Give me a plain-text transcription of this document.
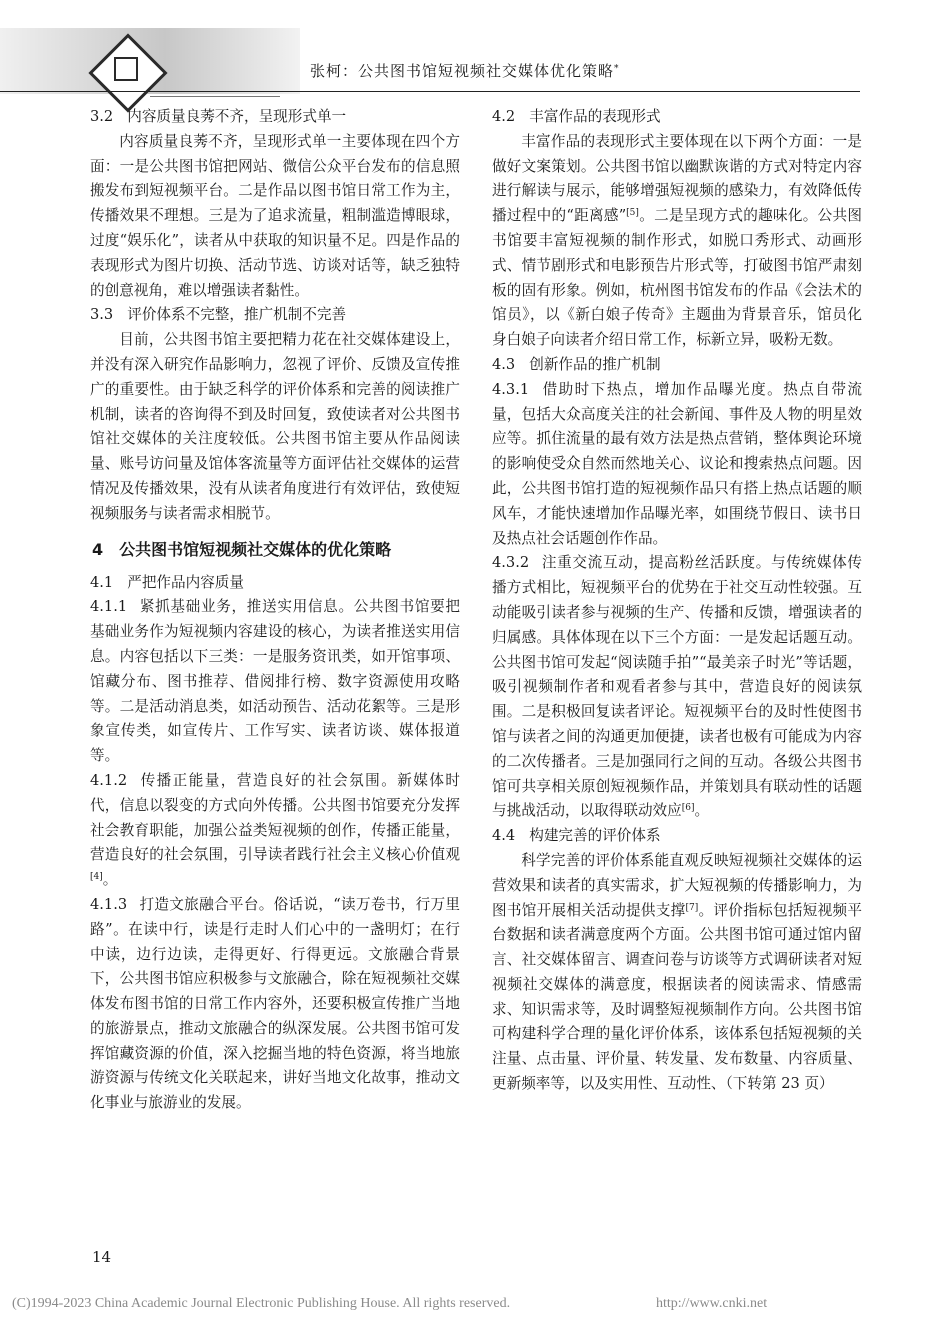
张柯：公共图书馆短视频社交媒体优化策略*
3.2 内容质量良莠不齐，呈现形式单一

内容质量良莠不齐，呈现形式单一主要体现在四个方面：一是公共图书馆把网站、微信公众平台发布的信息照搬发布到短视频平台。二是作品以图书馆日常工作为主，传播效果不理想。三是为了追求流量，粗制滥造博眼球，过度“娱乐化”，读者从中获取的知识量不足。四是作品的表现形式为图片切换、活动节选、访谈对话等，缺乏独特的创意视角，难以增强读者黏性。

3.3 评价体系不完整，推广机制不完善

目前，公共图书馆主要把精力花在社交媒体建设上，并没有深入研究作品影响力，忽视了评价、反馈及宣传推广的重要性。由于缺乏科学的评价体系和完善的阅读推广机制，读者的咨询得不到及时回复，致使读者对公共图书馆社交媒体的关注度较低。公共图书馆主要从作品阅读量、账号访问量及馆体客流量等方面评估社交媒体的运营情况及传播效果，没有从读者角度进行有效评估，致使短视频服务与读者需求相脱节。

4 公共图书馆短视频社交媒体的优化策略
4.1 严把作品内容质量

4.1.1 紧抓基础业务，推送实用信息。公共图书馆要把基础业务作为短视频内容建设的核心，为读者推送实用信息。内容包括以下三类：一是服务资讯类，如开馆事项、馆藏分布、图书推荐、借阅排行榜、数字资源使用攻略等。二是活动消息类，如活动预告、活动花絮等。三是形象宣传类，如宣传片、工作写实、读者访谈、媒体报道等。

4.1.2 传播正能量，营造良好的社会氛围。新媒体时代，信息以裂变的方式向外传播。公共图书馆要充分发挥社会教育职能，加强公益类短视频的创作，传播正能量，营造良好的社会氛围，引导读者践行社会主义核心价值观[4]。

4.1.3 打造文旅融合平台。俗话说，“读万卷书，行万里路”。在读中行，读是行走时人们心中的一盏明灯；在行中读，边行边读，走得更好、行得更远。文旅融合背景下，公共图书馆应积极参与文旅融合，除在短视频社交媒体发布图书馆的日常工作内容外，还要积极宣传推广当地的旅游景点，推动文旅融合的纵深发展。公共图书馆可发挥馆藏资源的价值，深入挖掘当地的特色资源，将当地旅游资源与传统文化关联起来，讲好当地文化故事，推动文化事业与旅游业的发展。

4.2 丰富作品的表现形式

丰富作品的表现形式主要体现在以下两个方面：一是做好文案策划。公共图书馆以幽默诙谐的方式对特定内容进行解读与展示，能够增强短视频的感染力，有效降低传播过程中的“距离感”[5]。二是呈现方式的趣味化。公共图书馆要丰富短视频的制作形式，如脱口秀形式、动画形式、情节剧形式和电影预告片形式等，打破图书馆严肃刻板的固有形象。例如，杭州图书馆发布的作品《会法术的馆员》，以《新白娘子传奇》主题曲为背景音乐，馆员化身白娘子向读者介绍日常工作，标新立异，吸粉无数。

4.3 创新作品的推广机制

4.3.1 借助时下热点，增加作品曝光度。热点自带流量，包括大众高度关注的社会新闻、事件及人物的明星效应等。抓住流量的最有效方法是热点营销，整体舆论环境的影响使受众自然而然地关心、议论和搜索热点问题。因此，公共图书馆打造的短视频作品只有搭上热点话题的顺风车，才能快速增加作品曝光率，如围绕节假日、读书日及热点社会话题创作作品。

4.3.2 注重交流互动，提高粉丝活跃度。与传统媒体传播方式相比，短视频平台的优势在于社交互动性较强。互动能吸引读者参与视频的生产、传播和反馈，增强读者的归属感。具体体现在以下三个方面：一是发起话题互动。公共图书馆可发起“阅读随手拍”“最美亲子时光”等话题，吸引视频制作者和观看者参与其中，营造良好的阅读氛围。二是积极回复读者评论。短视频平台的及时性使图书馆与读者之间的沟通更加便捷，读者也极有可能成为内容的二次传播者。三是加强同行之间的互动。各级公共图书馆可共享相关原创短视频作品，并策划具有联动性的话题与挑战活动，以取得联动效应[6]。

4.4 构建完善的评价体系

科学完善的评价体系能直观反映短视频社交媒体的运营效果和读者的真实需求，扩大短视频的传播影响力，为图书馆开展相关活动提供支撑[7]。评价指标包括短视频平台数据和读者满意度两个方面。公共图书馆可通过馆内留言、社交媒体留言、调查问卷与访谈等方式调研读者对短视频社交媒体的满意度，根据读者的阅读需求、情感需求、知识需求等，及时调整短视频制作方向。公共图书馆可构建科学合理的量化评价体系，该体系包括短视频的关注量、点击量、评价量、转发量、发布数量、内容质量、更新频率等，以及实用性、互动性、（下转第 23 页）

14
(C)1994-2023 China Academic Journal Electronic Publishing House. All rights reserved.	http://www.cnki.net
